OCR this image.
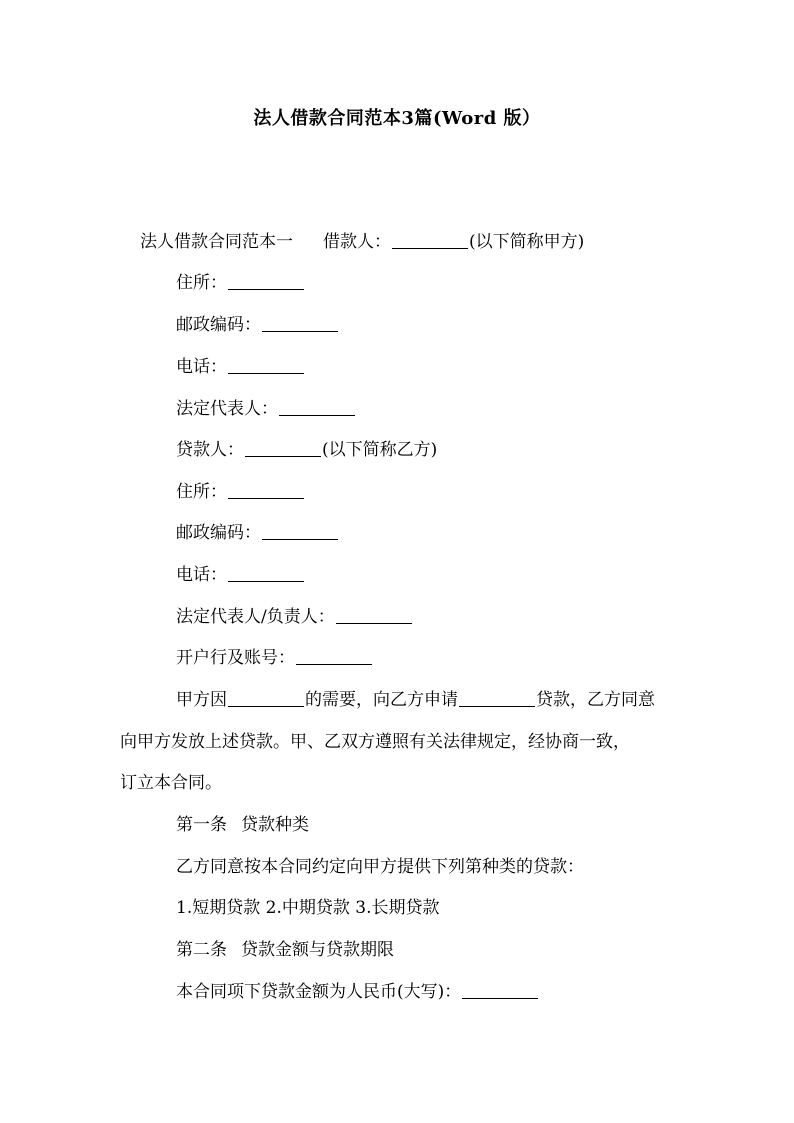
法人借款合同范本3篇(Word 版）
法人借款合同范本一 借款人：	(以下简称甲方)
住所：
邮政编码：
电话：
法定代表人：
贷款人：	(以下简称乙方)
住所：
邮政编码：
电话：
法定代表人/负责人：
开户行及账号：
甲方因	的需要，向乙方申请	贷款，乙方同意
向甲方发放上述贷款。甲、乙双方遵照有关法律规定，经协商一致，
订立本合同。
第一条 贷款种类
乙方同意按本合同约定向甲方提供下列第种类的贷款：
1.短期贷款 2.中期贷款 3.长期贷款
第二条 贷款金额与贷款期限
本合同项下贷款金额为人民币(大写)：
